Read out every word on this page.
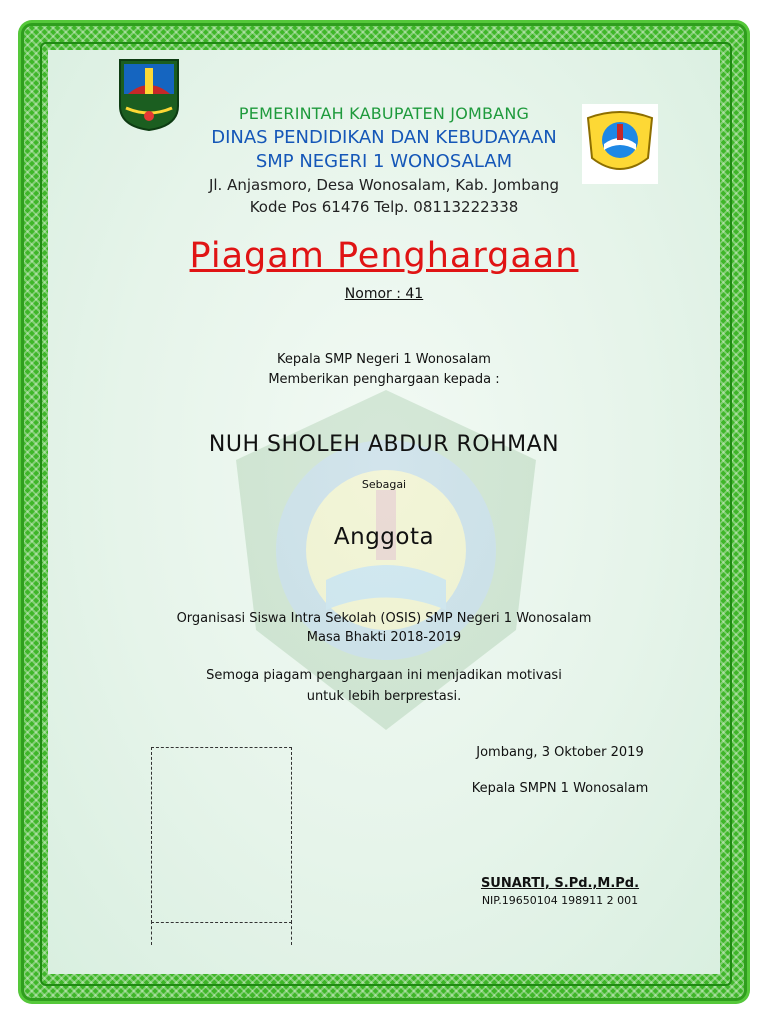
PEMERINTAH KABUPATEN JOMBANG
DINAS PENDIDIKAN DAN KEBUDAYAAN
SMP NEGERI 1 WONOSALAM
Jl. Anjasmoro, Desa Wonosalam, Kab. Jombang
Kode Pos 61476 Telp. 08113222338
Piagam Penghargaan
Nomor : 41
Kepala SMP Negeri 1 Wonosalam
Memberikan penghargaan kepada :
NUH SHOLEH ABDUR ROHMAN
Sebagai
Anggota
Organisasi Siswa Intra Sekolah (OSIS) SMP Negeri 1 Wonosalam
Masa Bhakti 2018-2019
Semoga piagam penghargaan ini menjadikan motivasi
untuk lebih berprestasi.
Jombang, 3 Oktober 2019
Kepala SMPN 1 Wonosalam
SUNARTI, S.Pd.,M.Pd.
NIP.19650104 198911 2 001
